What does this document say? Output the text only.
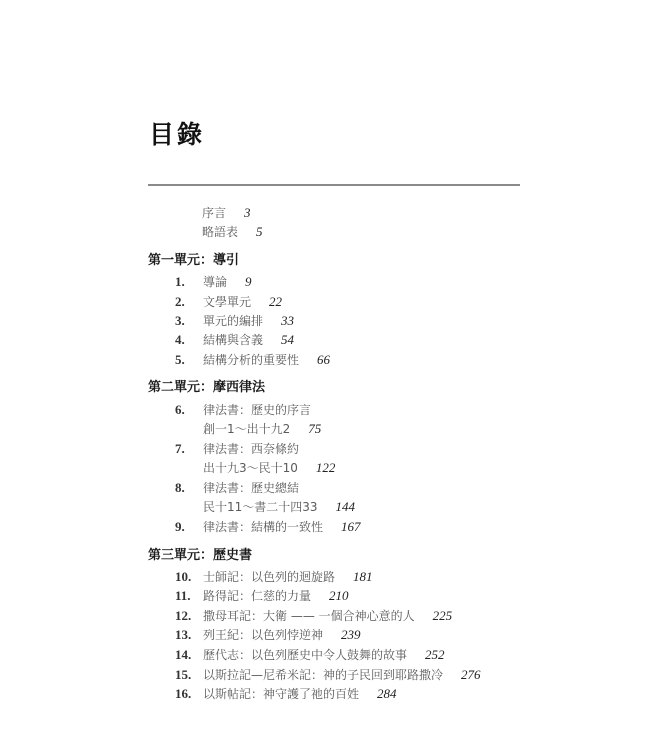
目錄
序言 3
略語表 5
第一單元：導引
1. 導論 9
2. 文學單元 22
3. 單元的編排 33
4. 結構與含義 54
5. 結構分析的重要性 66
第二單元：摩西律法
6. 律法書：歷史的序言
創一1～出十九2 75
7. 律法書：西奈條約
出十九3～民十10 122
8. 律法書：歷史總結
民十11～書二十四33 144
9. 律法書：結構的一致性 167
第三單元：歷史書
10. 士師記：以色列的迴旋路 181
11. 路得記：仁慈的力量 210
12. 撒母耳記：大衛 —— 一個合神心意的人 225
13. 列王紀：以色列悖逆神 239
14. 歷代志：以色列歷史中令人鼓舞的故事 252
15. 以斯拉記—尼希米記：神的子民回到耶路撒冷 276
16. 以斯帖記：神守護了祂的百姓 284
